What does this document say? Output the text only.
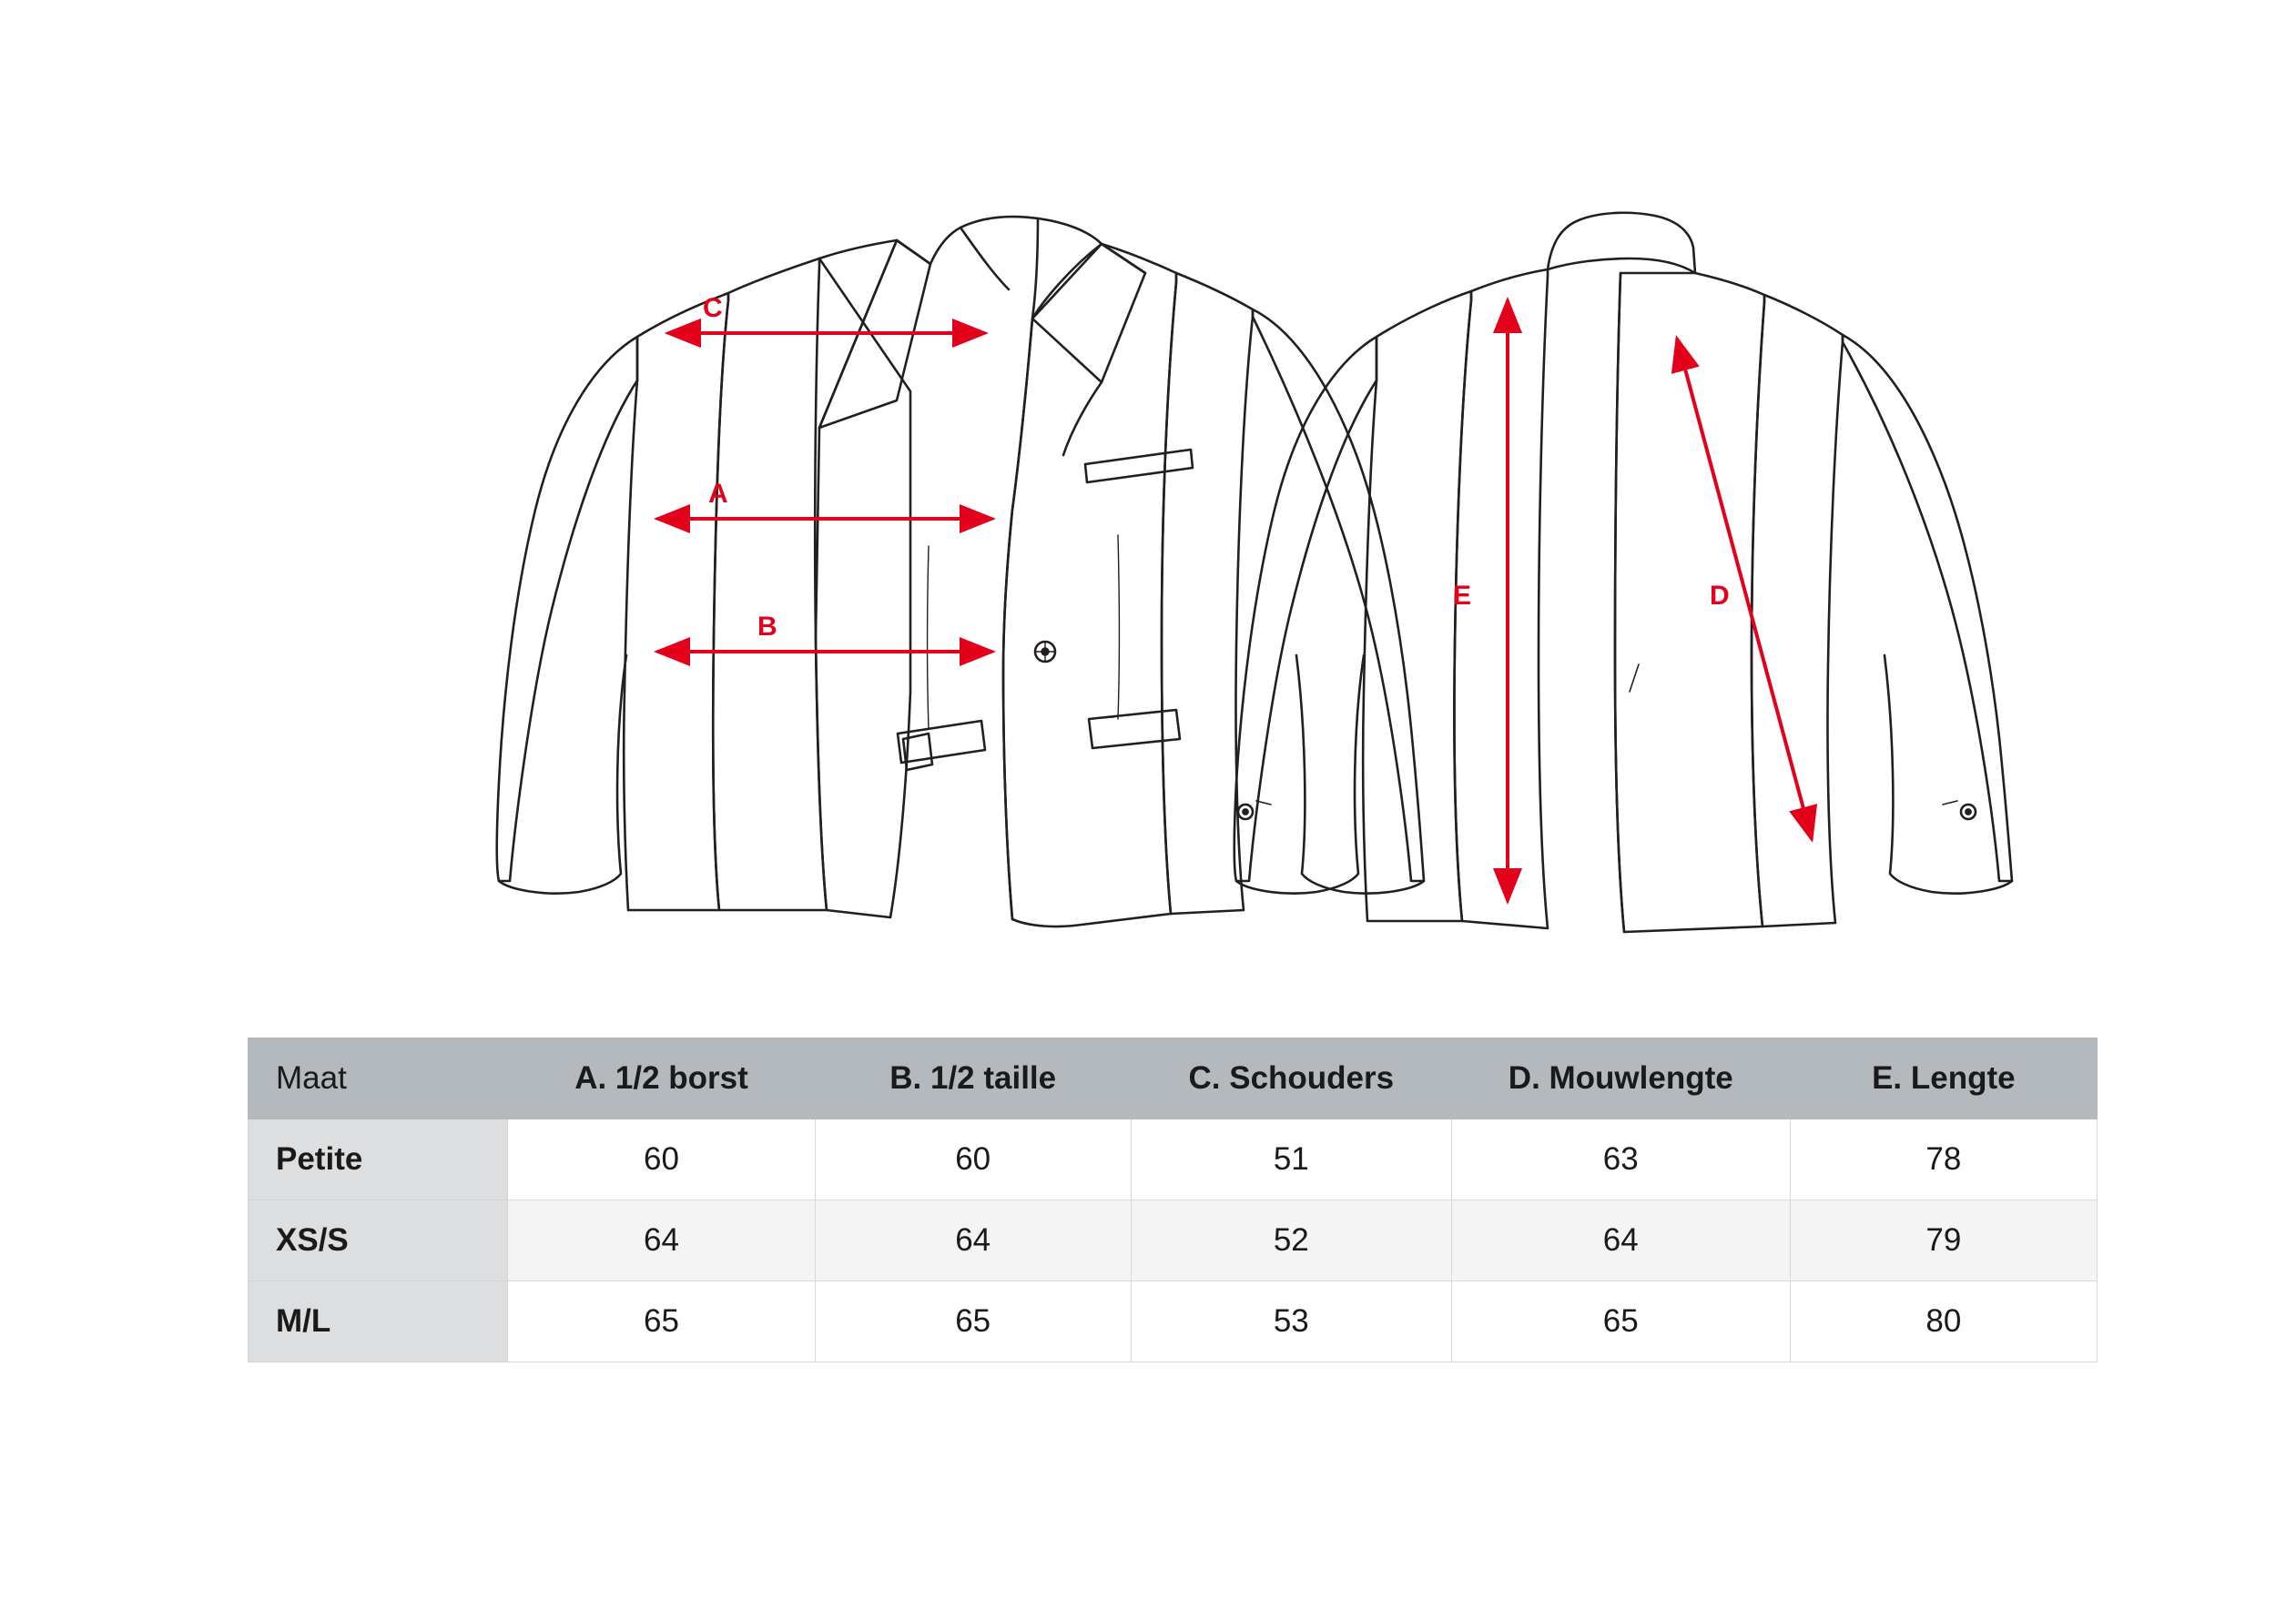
C
A
B
E	D
Maat	A. 1/2 borst	B. 1/2 taille	C. Schouders	D. Mouwlengte	E. Lengte
Petite	60	60	51	63	78
XS/S	64	64	52	64	79
M/L	65	65	53	65	80
